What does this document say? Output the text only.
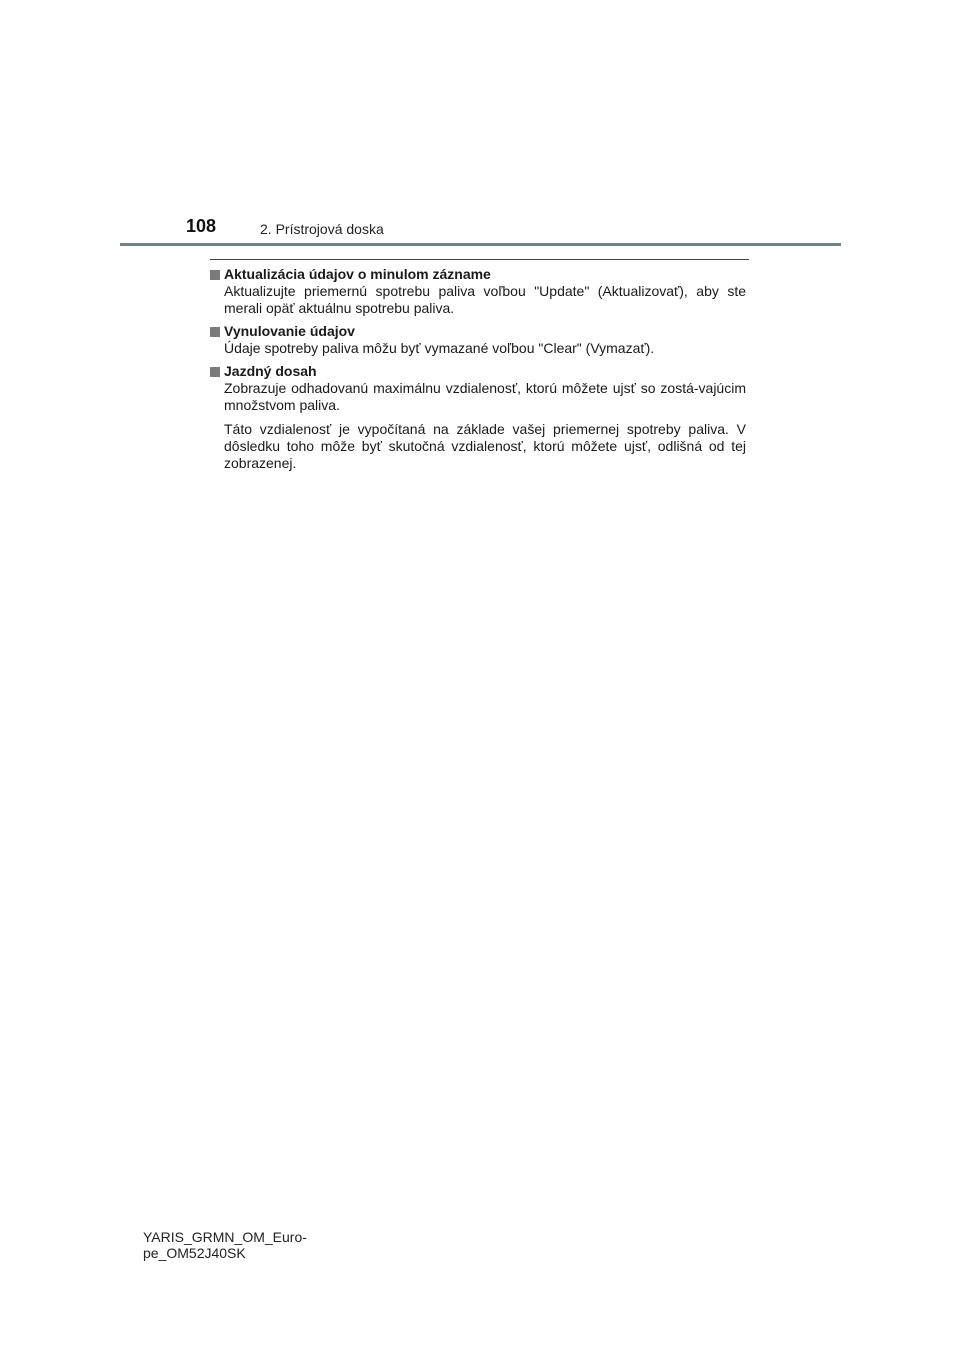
108	2. Prístrojová doska
Aktualizácia údajov o minulom zázname
Aktualizujte priemernú spotrebu paliva voľbou "Update" (Aktualizovať), aby ste merali opäť aktuálnu spotrebu paliva.
Vynulovanie údajov
Údaje spotreby paliva môžu byť vymazané voľbou "Clear" (Vymazať).
Jazdný dosah
Zobrazuje odhadovanú maximálnu vzdialenosť, ktorú môžete ujsť so zostá-vajúcim množstvom paliva.
Táto vzdialenosť je vypočítaná na základe vašej priemernej spotreby paliva. V dôsledku toho môže byť skutočná vzdialenosť, ktorú môžete ujsť, odlišná od tej zobrazenej.
YARIS_GRMN_OM_Euro-
pe_OM52J40SK
